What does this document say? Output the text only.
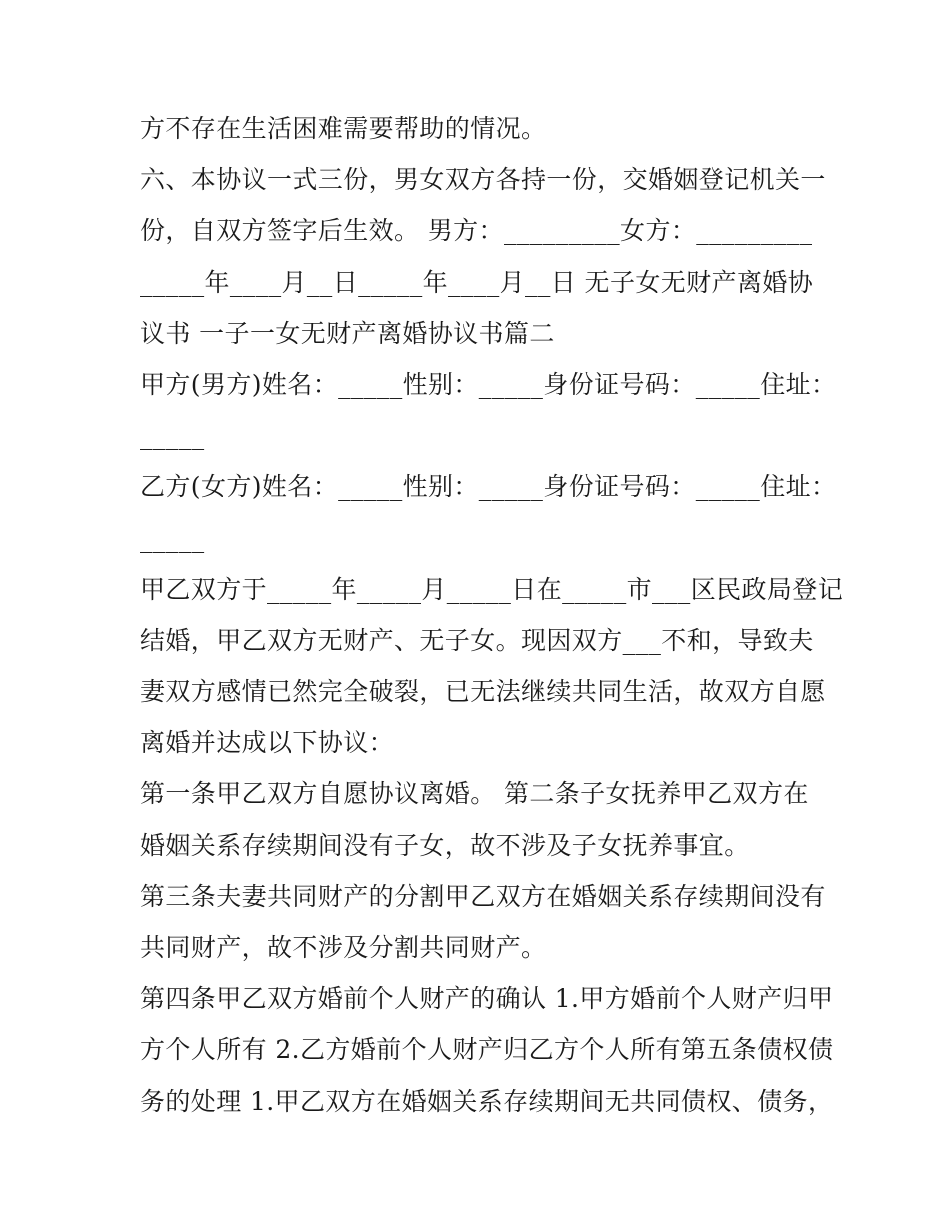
方不存在生活困难需要帮助的情况。
六、本协议一式三份，男女双方各持一份，交婚姻登记机关一
份，自双方签字后生效。 男方：_________女方：_________
_____年____月__日_____年____月__日 无子女无财产离婚协
议书 一子一女无财产离婚协议书篇二
甲方(男方)姓名：_____性别：_____身份证号码：_____住址：
_____
乙方(女方)姓名：_____性别：_____身份证号码：_____住址：
_____
甲乙双方于_____年_____月_____日在_____市___区民政局登记
结婚，甲乙双方无财产、无子女。现因双方___不和，导致夫
妻双方感情已然完全破裂，已无法继续共同生活，故双方自愿
离婚并达成以下协议：
第一条甲乙双方自愿协议离婚。 第二条子女抚养甲乙双方在
婚姻关系存续期间没有子女，故不涉及子女抚养事宜。
第三条夫妻共同财产的分割甲乙双方在婚姻关系存续期间没有
共同财产，故不涉及分割共同财产。
第四条甲乙双方婚前个人财产的确认 1.甲方婚前个人财产归甲
方个人所有 2.乙方婚前个人财产归乙方个人所有第五条债权债
务的处理 1.甲乙双方在婚姻关系存续期间无共同债权、债务，
